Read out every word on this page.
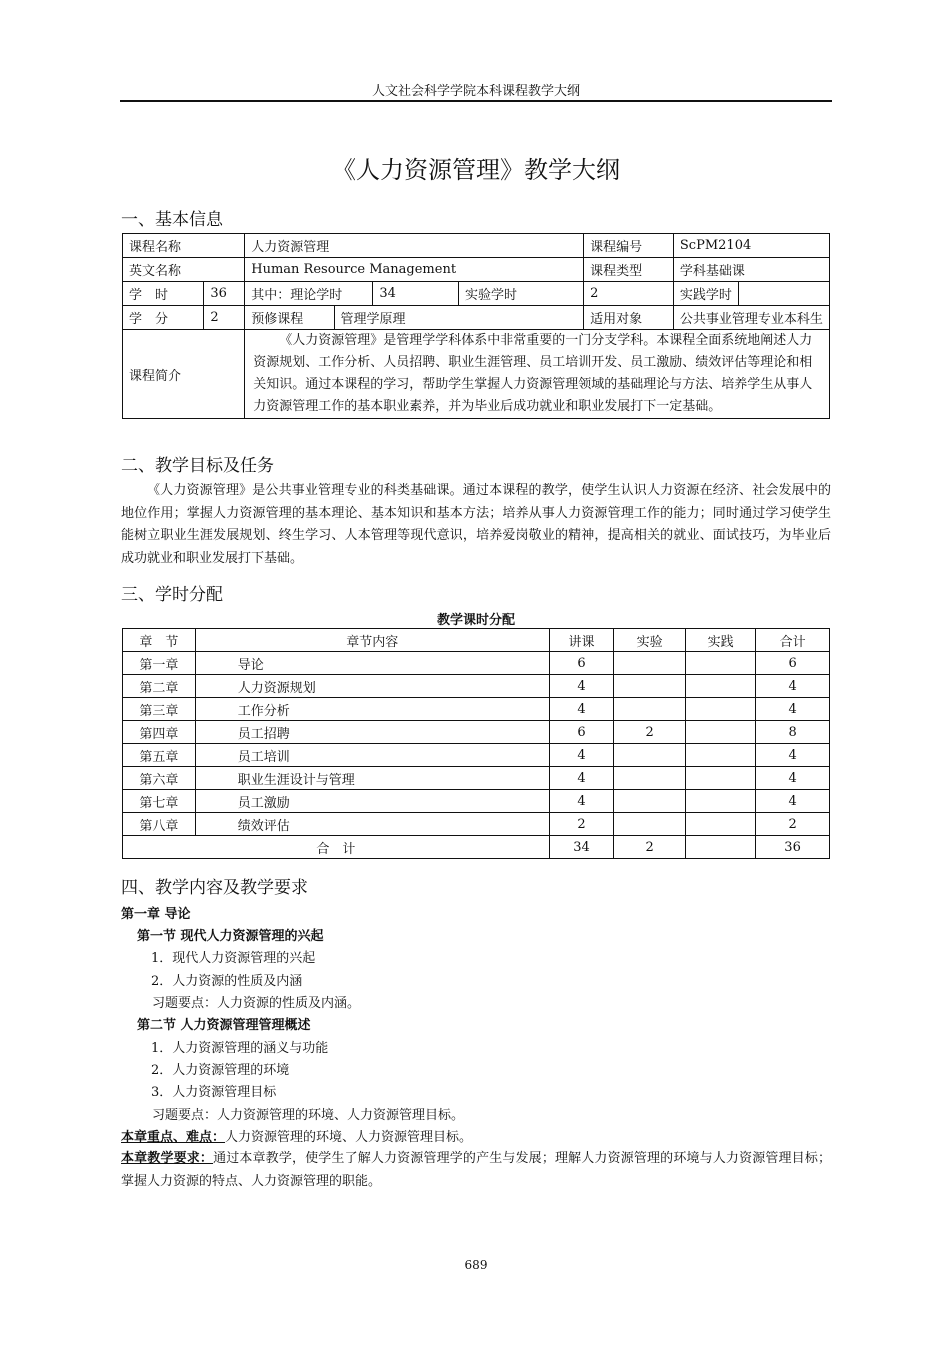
人文社会科学学院本科课程教学大纲
《人力资源管理》教学大纲
一、基本信息
课程名称		人力资源管理				课程编号	ScPM2104	
英文名称		Human Resource Management				课程类型	学科基础课	
学　时	36	其中：理论学时		34	实验学时	2	实践学时	
学　分	2	预修课程	管理学原理			适用对象	公共事业管理专业本科生	
课程简介		《人力资源管理》是管理学学科体系中非常重要的一门分支学科。本课程全面系统地阐述人力资源规划、工作分析、人员招聘、职业生涯管理、员工培训开发、员工激励、绩效评估等理论和相关知识。通过本课程的学习，帮助学生掌握人力资源管理领域的基础理论与方法、培养学生从事人力资源管理工作的基本职业素养，并为毕业后成功就业和职业发展打下一定基础。						
二、教学目标及任务
《人力资源管理》是公共事业管理专业的科类基础课。通过本课程的教学，使学生认识人力资源在经济、社会发展中的地位作用；掌握人力资源管理的基本理论、基本知识和基本方法；培养从事人力资源管理工作的能力；同时通过学习使学生能树立职业生涯发展规划、终生学习、人本管理等现代意识，培养爱岗敬业的精神，提高相关的就业、面试技巧，为毕业后成功就业和职业发展打下基础。
三、学时分配
教学课时分配
章　节	章节内容	讲课	实验	实践	合计
第一章	导论	6			6
第二章	人力资源规划	4			4
第三章	工作分析	4			4
第四章	员工招聘	6	2		8
第五章	员工培训	4			4
第六章	职业生涯设计与管理	4			4
第七章	员工激励	4			4
第八章	绩效评估	2			2
合　计		34	2		36
四、教学内容及教学要求
第一章 导论
第一节 现代人力资源管理的兴起
1．现代人力资源管理的兴起
2．人力资源的性质及内涵
习题要点：人力资源的性质及内涵。
第二节 人力资源管理管理概述
1．人力资源管理的涵义与功能
2．人力资源管理的环境
3．人力资源管理目标
习题要点：人力资源管理的环境、人力资源管理目标。
本章重点、难点：人力资源管理的环境、人力资源管理目标。
本章教学要求：通过本章教学，使学生了解人力资源管理学的产生与发展；理解人力资源管理的环境与人力资源管理目标；掌握人力资源的特点、人力资源管理的职能。
689
